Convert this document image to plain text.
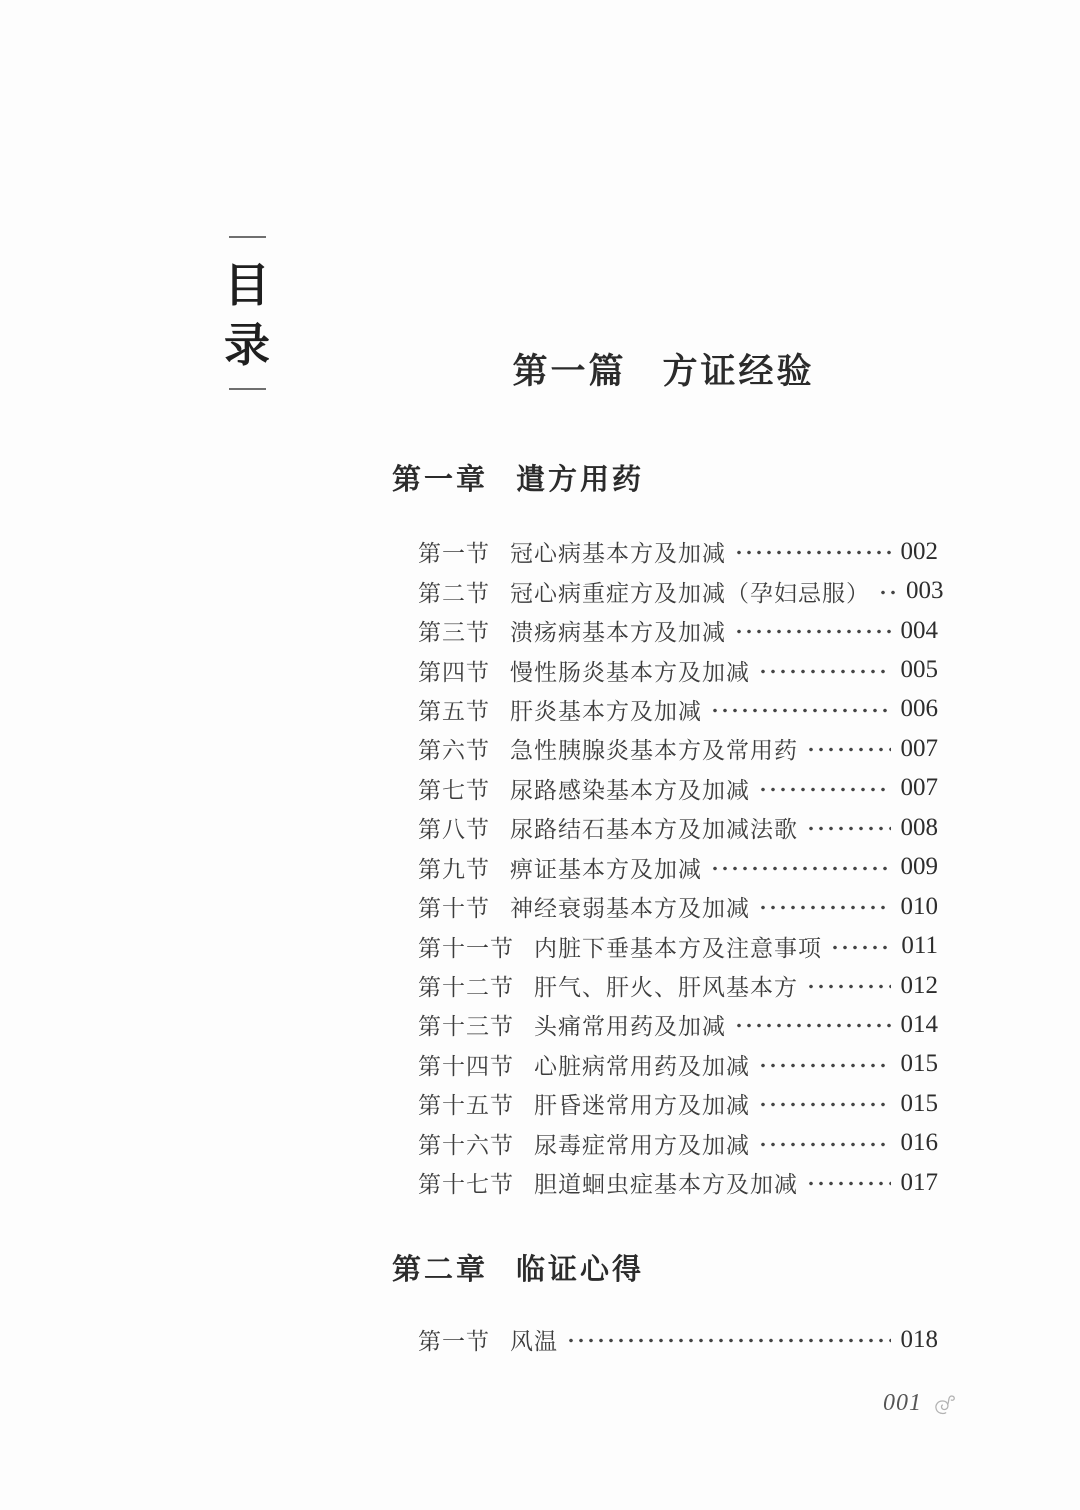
目
录
第一篇 方证经验
第一章 遣方用药
第一节 冠心病基本方及加减	002
第二节 冠心病重症方及加减（孕妇忌服） 003
第三节 溃疡病基本方及加减	004
第四节 慢性肠炎基本方及加减	005
第五节 肝炎基本方及加减	006
第六节 急性胰腺炎基本方及常用药	007
第七节 尿路感染基本方及加减	007
第八节 尿路结石基本方及加减法歌	008
第九节 痹证基本方及加减	009
第十节 神经衰弱基本方及加减	010
第十一节 内脏下垂基本方及注意事项	011
第十二节 肝气、肝火、肝风基本方	012
第十三节 头痛常用药及加减	014
第十四节 心脏病常用药及加减	015
第十五节 肝昏迷常用方及加减	015
第十六节 尿毒症常用方及加减	016
第十七节 胆道蛔虫症基本方及加减	017
第二章 临证心得
第一节 风温	018
001
